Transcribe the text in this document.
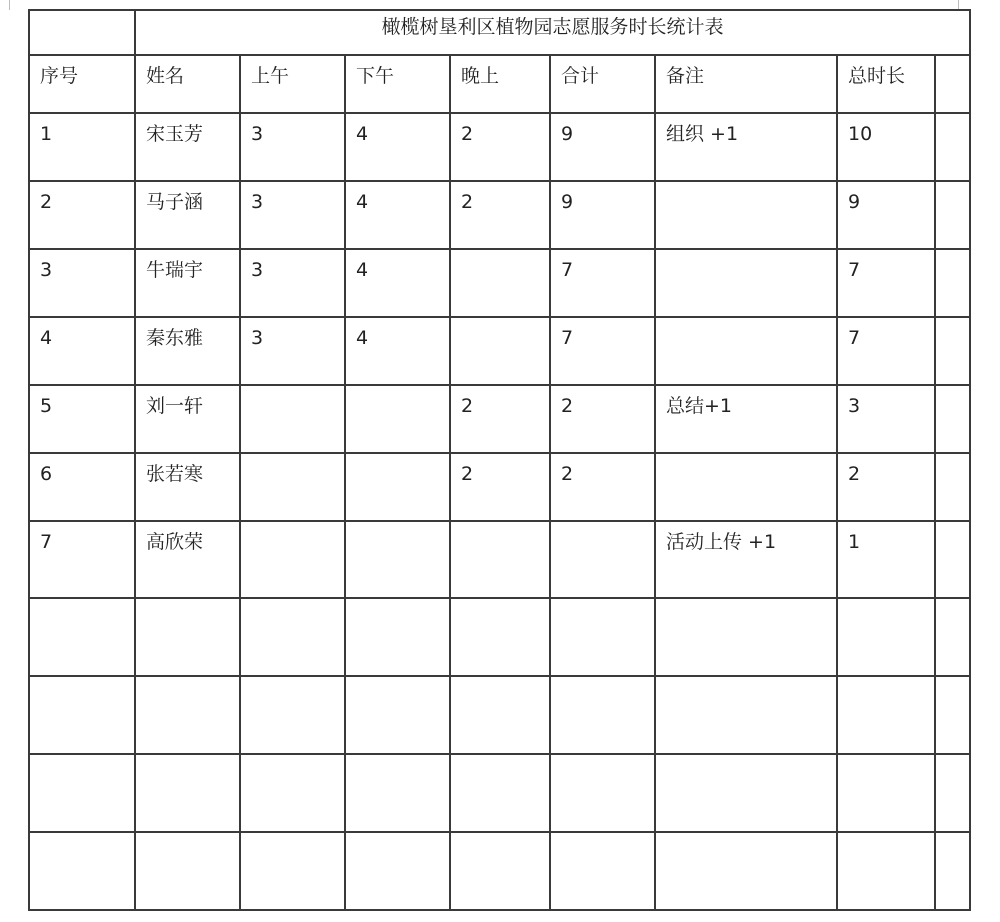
	橄榄树垦利区植物园志愿服务时长统计表							
序号	姓名	上午	下午	晚上	合计	备注	总时长	
1	宋玉芳	3	4	2	9	组织 +1	10	
2	马子涵	3	4	2	9		9	
3	牛瑞宇	3	4		7		7	
4	秦东雅	3	4		7		7	
5	刘一轩			2	2	总结+1	3	
6	张若寒			2	2		2	
7	高欣荣					活动上传 +1	1	
